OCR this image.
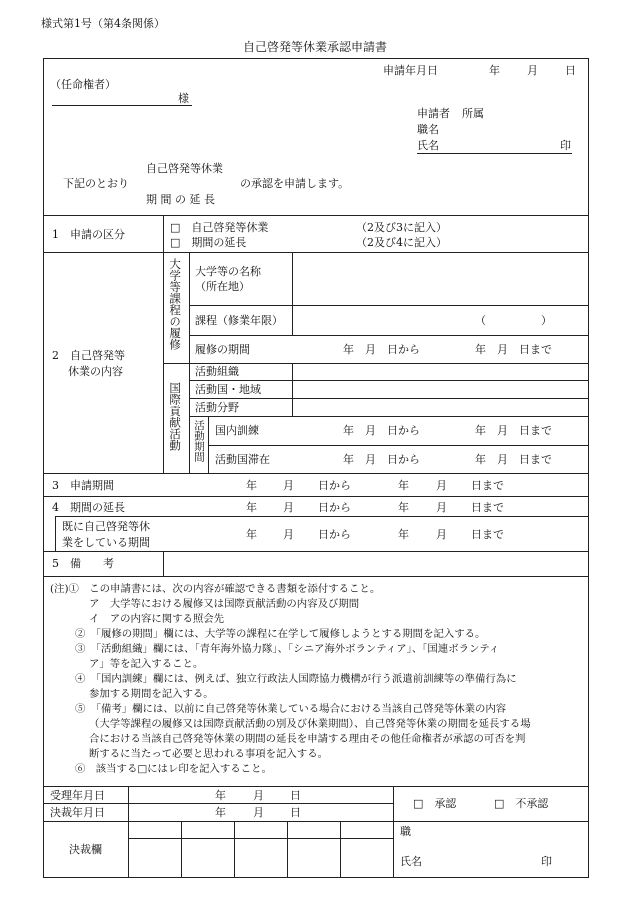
様式第1号（第4条関係）
自己啓発等休業承認申請書
申請年月日	年 月 日
（任命権者）
様
申請者 所属
職名
氏名	印
自己啓発等休業
下記のとおり	の承認を申請します。
期 間 の 延 長
1　申請の区分
□　自己啓発等休業	（2及び3に記入）
□　期間の延長	（2及び4に記入）
2　自己啓発等
休業の内容
大学等課程の履修
国際貢献活動 活動期間
大学等の名称
（所在地）
課程（修業年限）	（　　　　　）
履修の期間	年　月　日から	年　月　日まで
活動組織
活動国・地域
活動分野
国内訓練	年　月　日から	年　月　日まで
活動国滞在	年　月　日から	年　月　日まで
3　申請期間	年 月 日から	年 月 日まで
4　期間の延長	年 月 日から	年 月 日まで
既に自己啓発等休
業をしている期間
年 月 日から	年 月 日まで
5　備　　考
(注)①　この申請書には、次の内容が確認できる書類を添付すること。
ア　大学等における履修又は国際貢献活動の内容及び期間
イ　アの内容に関する照会先
②　「履修の期間」欄には、大学等の課程に在学して履修しようとする期間を記入する。
③　「活動組織」欄には、「青年海外協力隊」、「シニア海外ボランティア」、「国連ボランティ
ア」等を記入すること。
④　「国内訓練」欄には、例えば、独立行政法人国際協力機構が行う派遣前訓練等の準備行為に
参加する期間を記入する。
⑤　「備考」欄には、以前に自己啓発等休業している場合における当該自己啓発等休業の内容
（大学等課程の履修又は国際貢献活動の別及び休業期間）、自己啓発等休業の期間を延長する場
合における当該自己啓発等休業の期間の延長を申請する理由その他任命権者が承認の可否を判
断するに当たって必要と思われる事項を記入する。
⑥　該当する□にはレ印を記入すること。
受理年月日	年 月 日
決裁年月日	年 月 日
□　承認	□　不承認
決裁欄
職
氏名	印
